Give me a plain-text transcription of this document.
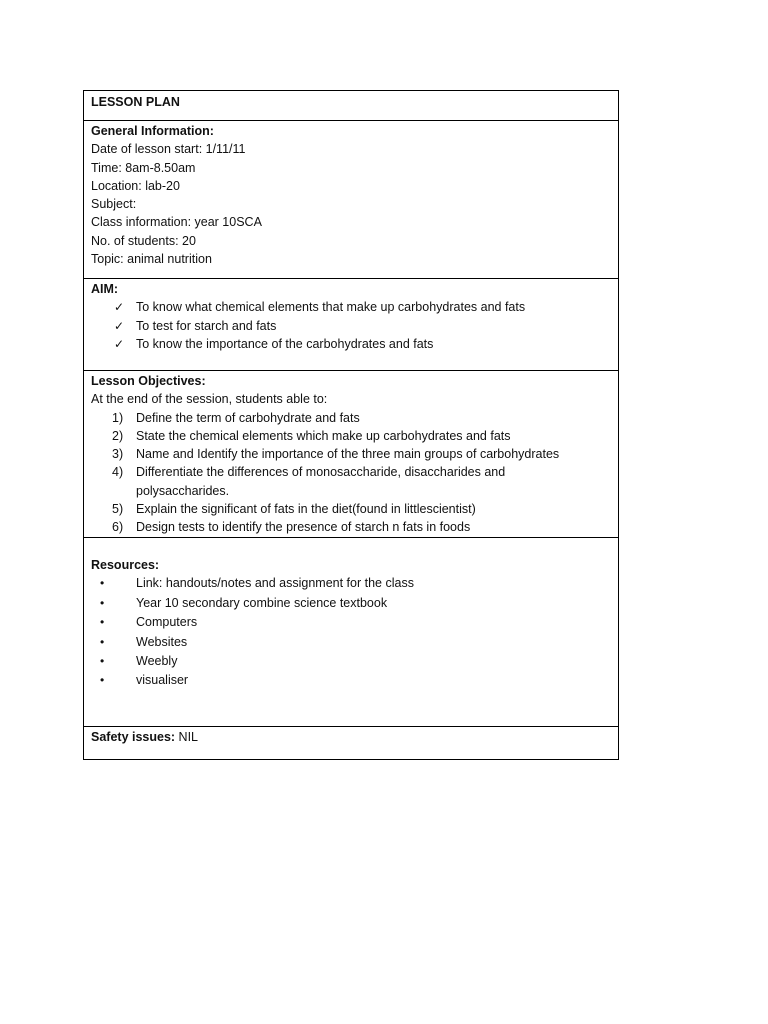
LESSON PLAN
General Information:
Date of lesson start: 1/11/11
Time: 8am-8.50am
Location: lab-20
Subject:
Class information: year 10SCA
No. of students: 20
Topic: animal nutrition
AIM:
✓ To know what chemical elements that make up carbohydrates and fats
✓ To test for starch and fats
✓ To know the importance of the carbohydrates and fats
Lesson Objectives:
At the end of the session, students able to:
1) Define the term of carbohydrate and fats
2) State the chemical elements which make up carbohydrates and fats
3) Name and Identify the importance of the three main groups of carbohydrates
4) Differentiate the differences of monosaccharide, disaccharides and polysaccharides.
5) Explain the significant of fats in the diet(found in littlescientist)
6) Design tests to identify the presence of starch n fats in foods
Resources:
•	Link: handouts/notes and assignment for the class
•	Year 10 secondary combine science textbook
•	Computers
•	Websites
•	Weebly
•	visualiser
Safety issues: NIL
